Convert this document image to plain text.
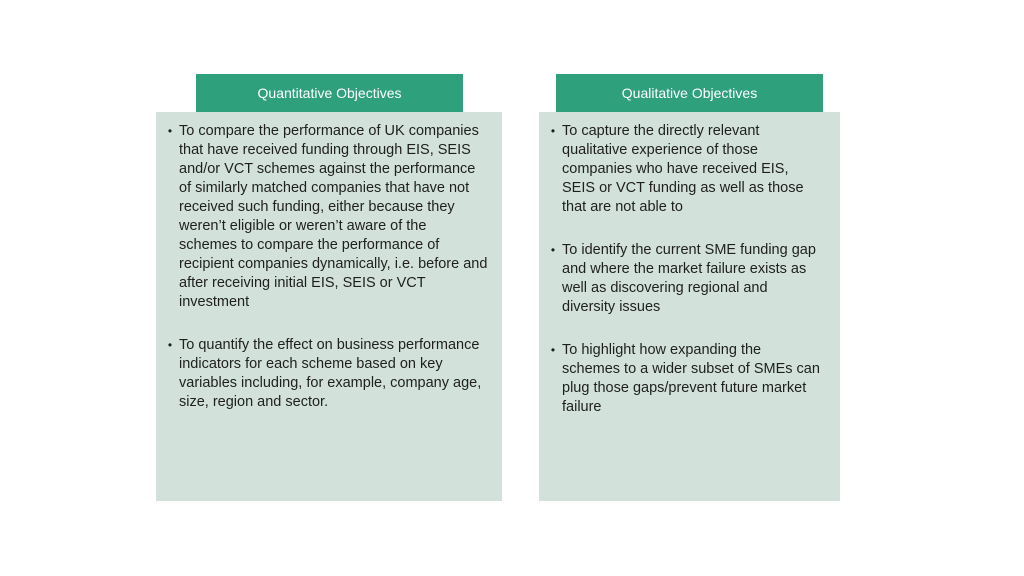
Quantitative Objectives
• To compare the performance of UK companies that have received funding through EIS, SEIS and/or VCT schemes against the performance of similarly matched companies that have not received such funding, either because they weren’t eligible or weren’t aware of the schemes to compare the performance of recipient companies dynamically, i.e. before and after receiving initial EIS, SEIS or VCT investment
• To quantify the effect on business performance indicators for each scheme based on key variables including, for example, company age, size, region and sector.
Qualitative Objectives
• To capture the directly relevant qualitative experience of those companies who have received EIS, SEIS or VCT funding as well as those that are not able to
• To identify the current SME funding gap and where the market failure exists as well as discovering regional and diversity issues
• To highlight how expanding the schemes to a wider subset of SMEs can plug those gaps/prevent future market failure
